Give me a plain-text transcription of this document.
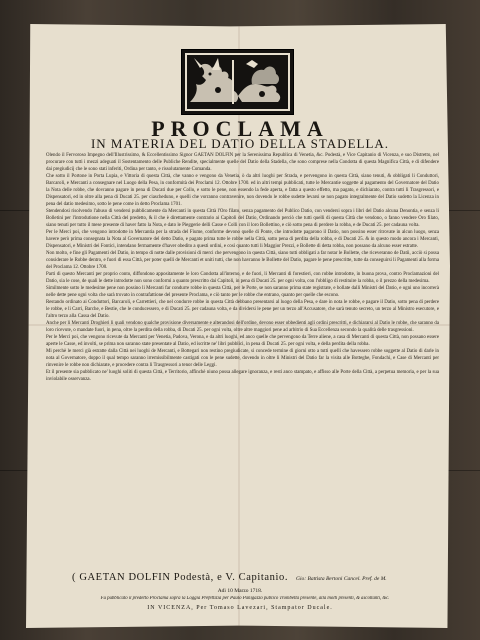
PROCLAMA
IN MATERIA DEL DATIO DELLA STADELLA.

Olendo il Fervoroso Impegno dell'Illustrissimo, & Eccellentissimo Signor GAETAN DOLFIN per la Serenissima Republica di Venetia, &c. Podestà, e Vice Capitanio di Vicenza, e suo Distretto, nel procurare con tutti i mezzi adeguati il Sostentamento delle Publiche Rendite, specialmente quelle del Datio della Stadella, che sono comprese nella Condotta di questa Magnifica Città, e di difendere dai pregiudicij che le sono stati inferiti, Ordina per tanto, e rissolutamente Comanda.

Che sotto il Portone in Porta Lupia, e Vittoria di questa Città, che vanno e vengono da Venetia, ò da altri luoghi per Strada, e pervengono in questa Città, siano tenuti, & obbligati li Conduttori, Barcaroli, e Mercanti a consegnare nel Luogo della Pesa, in conformità dei Proclami 12. Ottobre 1700. ed in altri tempi pubblicati, tutte le Mercantie soggette al pagamento del Governatore del Datio la Nota delle robbe, che dovranno pagare in pena di Ducati due per Collo, e sotto le pene, non essendo la fede aperta, e fatta a questo effetto, ma pagato, e dichiarato, contra tutti li Trasgressori, e Dispensatori, ed in oltre alla pena di Ducati 25. per ciascheduno, e quelli che vorranno contravenire, non dovendo le robbe sudette levarsi se non pagato integralmente del Datio sudetto la Licenza in pena del datio medesimo, sotto le pene come in detto Proclama 1701.

Stendendosi risolvendo l'abuso di vendersi pubblicamente da Mercanti in questa Città l'Oro filato, senza pagamento del Publico Datio, con vendersi sopra i libri del Datio alcuna Denontia, e senza li Bolletini per l'introdutione nella Città del predetto, & il che è direttamente contrario ai Capitoli del Datio, Ordinando perciò che tutti quelli di questa Città che vendono, o fanno vendere Oro filato, siano tenuti per tutto il mese presente di haver fatto la Nota, e dato le Pieggerie delli Casse e Colli con il loro Bollettino, e ciò sotto pena di perdere la robba, e de Ducati 25. per cadauna volta.

Per le Merci poi, che vengono introdotte in Mercantia per la strada del Fiume, conforme devono quelle di Ponte, che introdotte pagarono il Datio, non possino esser ritrovate in alcun luogo, senza havere però prima consegnata la Nota al Governatore del detto Datio, e pagato prima tutte le robbe nella Città, sotto pena di perdita della robba, e di Ducati 25. & in questo modo ancora i Mercanti, Dispensatori, e Ministri dei Fontici, intendano fermamente d'haver obedito a questi ordini, e così quanto tutti li Maggior Prezzi, e Bollette di detta robba, non possano da alcuno esser estratte.

Non molto, e fine gli Pagamenti del Datio, in tempo di notte dalle provisioni di merci che pervengono in questa Città, siano tutti obbligati a far notar le Bollette, che riceveranno de Datii, acciò si possa considerare le Robbe dentro, e fuori di essa Città, per poter quelli de Mercanti et uniti tutti, che non havranno le Bollette del Datio, pagare le pene prescritte, tutte da conseguirsi li Pagamenti alla forma del Proclama 12. Ottobre 1700.

Parti di questo Mercanti per proprio conto, diffondono appositamente le loro Condotta all'interno, e de fuori, li Mercanti di forestieri, con robbe introdotte, in buona prova, contro Proclamazioni del Datio, sia le cose, de quali le dette introdotte non sono conformi a quanto prescritto dai Capitoli, in pena di Ducati 25. per ogni volta, con l'obbligo di restituire la robba, o il prezzo della medesima.

Similmente sotto le medesime pene non possino li Mercanti far condurre robbe in questa Città, per le Porte, se non saranno prima state registrate, e bollate dalli Ministri del Datio, e ogni uno incorrerà nelle dette pene ogni volta che sarà trovato in contrafattione del presente Proclama, e ciò tanto per le robbe che entrano, quanto per quelle che escono.

Restando ordinato ai Conduttori, Barcaroli, e Carrettieri, che nel condurre robbe in questa Città debbano presentarsi al luogo della Pesa, e dare in nota le robbe, e pagare il Datio, sotto pena di perdere le robbe, e li Carri, Barche, e Bestie, che le conducessero, e di Ducati 25. per cadauna volta, e da dividersi le pene per un terzo all'Accusatore, che sarà tenuto secreto, un terzo al Ministro esecutore, e l'altro terzo alla Cassa del Datio.

Anche per li Mercanti Droghieri li quali vendono qualche provisione diversamente e alterandosi dell'ordine, devono esser obbedienti agli ordini prescritti, e dichiararsi al Datio le robbe, che saranno da loro ricevute, o mandate fuori, in pena, oltre la perdita della robba, di Ducati 25. per ogni volta, oltre altre maggiori pene ad arbitrio di Sua Eccellenza secondo la qualità delle trasgressioni.

Per le Merci poi, che vengono ricevute da Mercanti per Venetia, Padova, Verona, e da altri luoghi, ed anco quelle che pervengono da Terre aliene, a casa di Mercanti di questa Città, non possano essere aperte le Casse, ed involti, se prima non saranno state presentate al Datio, ed iscritte ne' libri pubblici, in pena di Ducati 25. per ogni volta, e della perdita della robba.

Mi perchè le merci già estratte dalla Città nei luoghi de Mercanti, e Bottegari non restino pregiudicate, si concede termine di giorni otto a tutti quelli che havessero robbe soggette al Datio di darle in nota al Governatore, doppo il qual tempo saranno irremissibilmente castigati con le pene sudette, dovendo in oltre li Ministri del Datio far la visita alle Botteghe, Fondachi, e Case di Mercanti per rinvenire le robbe non dichiarate, e procedere contra li Trasgressori a tenor delle Leggi.

Et il presente sia pubblicato ne' luoghi soliti di questa Città, e Territorio, affinchè niuno possa allegare ignoranza, e resti anco stampato, e affisso alle Porte della Città, a perpetua memoria, e per la sua inviolabile osservanza.

( GAETAN DOLFIN Podestà, e V. Capitanio. Gio: Battista Bertoni Cancel. Pref. de M.
Adì 10 Marzo 1718.
Fu pubblicato il predetto Proclama sopra la Loggia Prefettizia per Paulo Panigazzo publico Trombetta presente, alla molti presenti, & ascoltanti, &c.
IN VICENZA, Per Tomaso Lavezari, Stampator Ducale.
